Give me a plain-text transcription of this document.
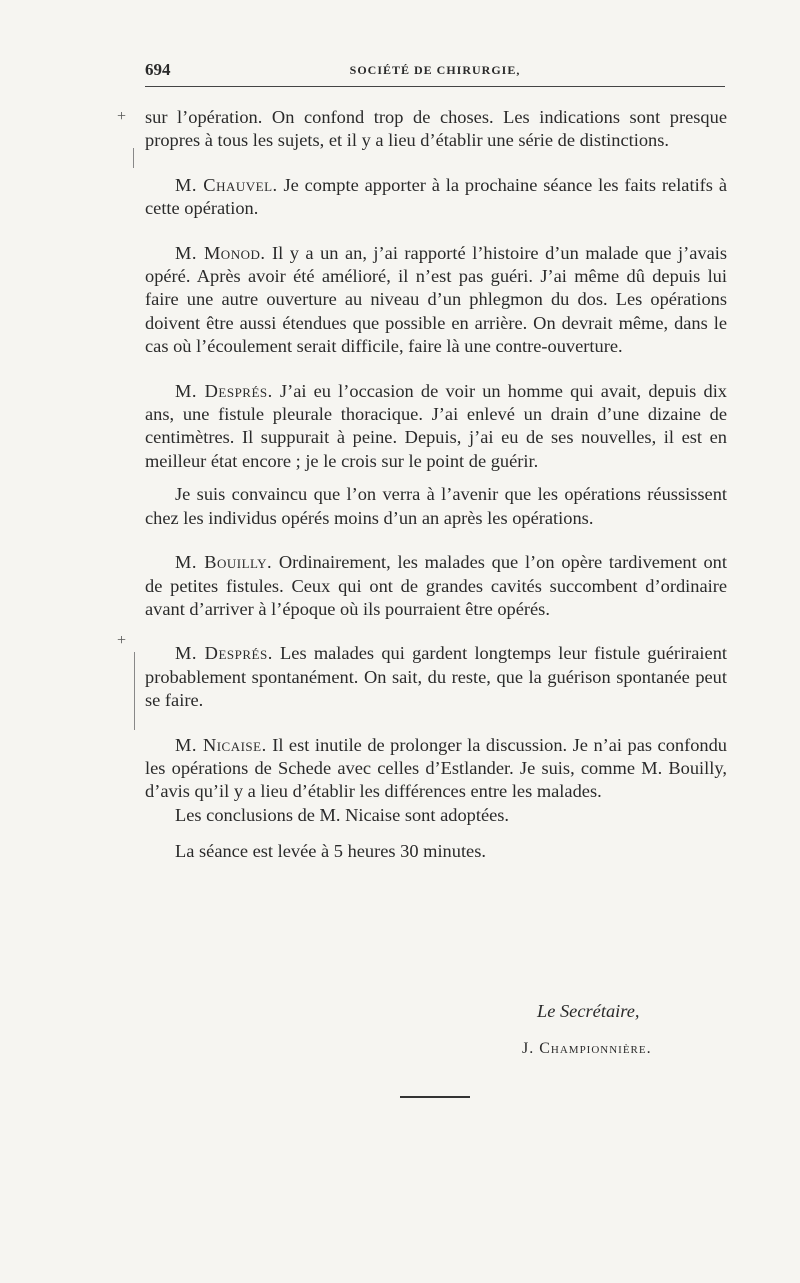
694	SOCIÉTÉ DE CHIRURGIE,
+
+

sur l’opération. On confond trop de choses. Les indications sont presque propres à tous les sujets, et il y a lieu d’établir une série de distinctions.

M. Chauvel. Je compte apporter à la prochaine séance les faits relatifs à cette opération.

M. Monod. Il y a un an, j’ai rapporté l’histoire d’un malade que j’avais opéré. Après avoir été amélioré, il n’est pas guéri. J’ai même dû depuis lui faire une autre ouverture au niveau d’un phlegmon du dos. Les opérations doivent être aussi étendues que possible en arrière. On devrait même, dans le cas où l’écoulement serait difficile, faire là une contre-ouverture.

M. Després. J’ai eu l’occasion de voir un homme qui avait, depuis dix ans, une fistule pleurale thoracique. J’ai enlevé un drain d’une dizaine de centimètres. Il suppurait à peine. Depuis, j’ai eu de ses nouvelles, il est en meilleur état encore ; je le crois sur le point de guérir.

Je suis convaincu que l’on verra à l’avenir que les opérations réussissent chez les individus opérés moins d’un an après les opérations.

M. Bouilly. Ordinairement, les malades que l’on opère tardivement ont de petites fistules. Ceux qui ont de grandes cavités succombent d’ordinaire avant d’arriver à l’époque où ils pourraient être opérés.

M. Després. Les malades qui gardent longtemps leur fistule guériraient probablement spontanément. On sait, du reste, que la guérison spontanée peut se faire.

M. Nicaise. Il est inutile de prolonger la discussion. Je n’ai pas confondu les opérations de Schede avec celles d’Estlander. Je suis, comme M. Bouilly, d’avis qu’il y a lieu d’établir les différences entre les malades.

Les conclusions de M. Nicaise sont adoptées.

La séance est levée à 5 heures 30 minutes.

Le Secrétaire,
J. Championnière.
